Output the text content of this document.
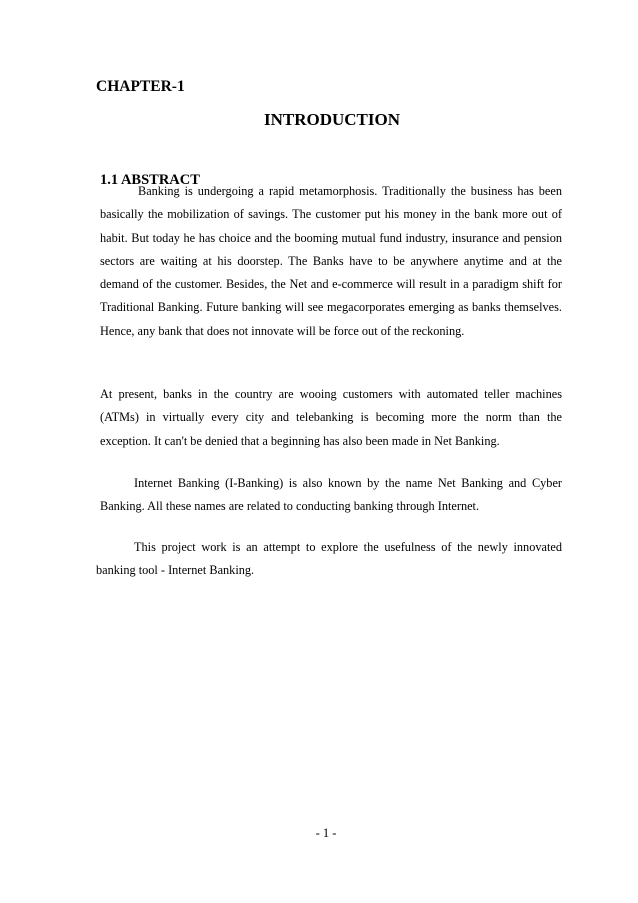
CHAPTER-1
INTRODUCTION
1.1 ABSTRACT

Banking is undergoing a rapid metamorphosis. Traditionally the business has been basically the mobilization of savings. The customer put his money in the bank more out of habit. But today he has choice and the booming mutual fund industry, insurance and pension sectors are waiting at his doorstep. The Banks have to be anywhere anytime and at the demand of the customer. Besides, the Net and e-commerce will result in a paradigm shift for Traditional Banking. Future banking will see megacorporates emerging as banks themselves. Hence, any bank that does not innovate will be force out of the reckoning.

At present, banks in the country are wooing customers with automated teller machines (ATMs) in virtually every city and telebanking is becoming more the norm than the exception. It can't be denied that a beginning has also been made in Net Banking.

Internet Banking (I-Banking) is also known by the name Net Banking and Cyber Banking. All these names are related to conducting banking through Internet.

This project work is an attempt to explore the usefulness of the newly innovated banking tool - Internet Banking.

- 1 -
